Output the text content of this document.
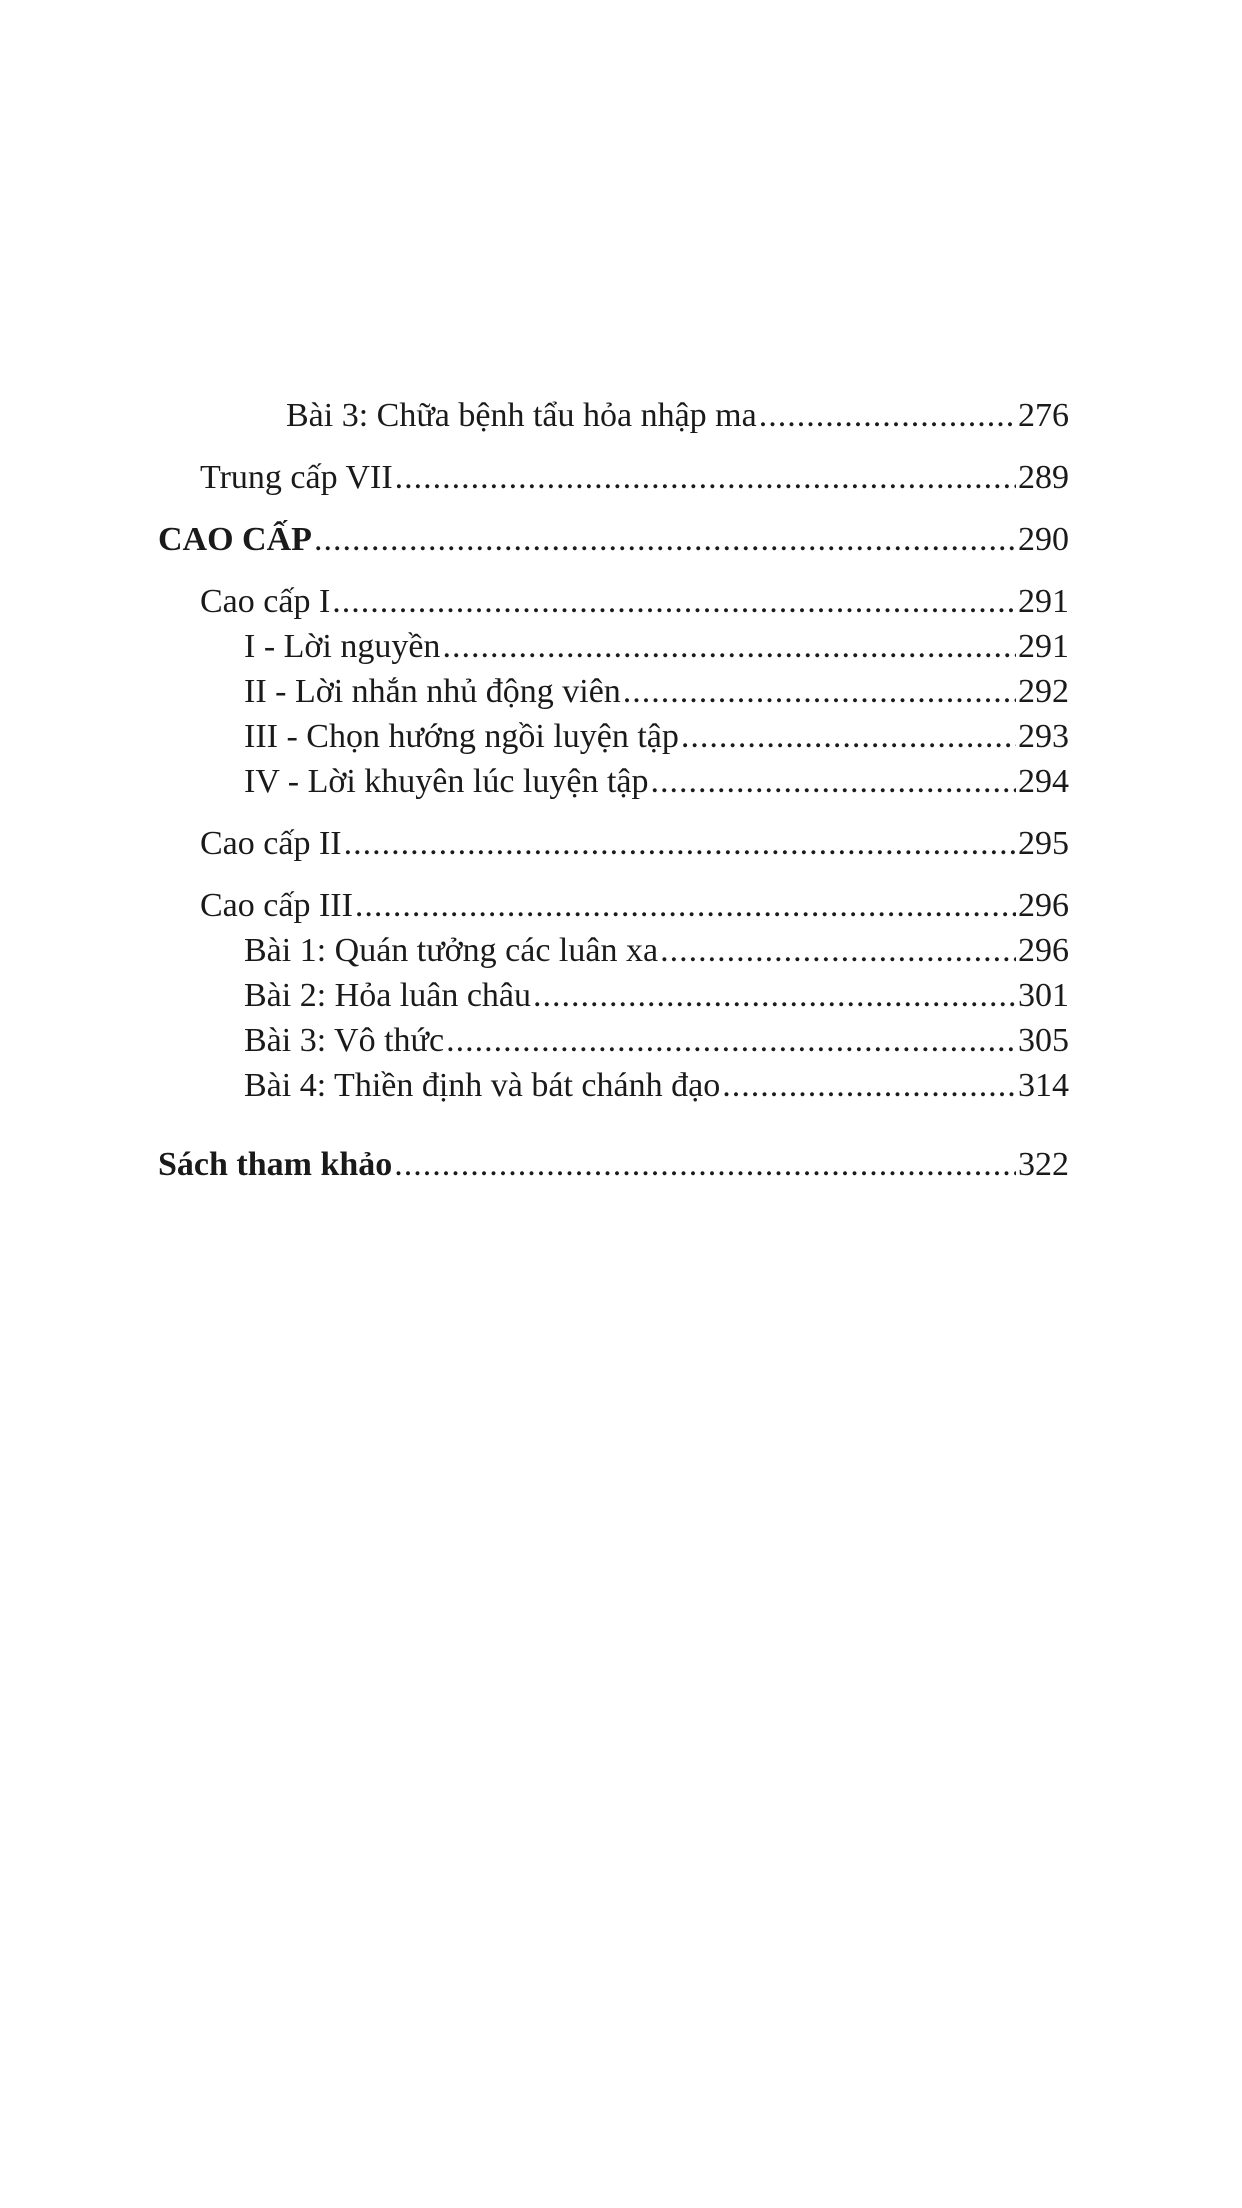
Bài 3: Chữa bệnh tẩu hỏa nhập ma .....	276
Trung cấp VII .....	289
CAO CẤP .....	290
Cao cấp I .....	291
I - Lời nguyền .....	291
II - Lời nhắn nhủ động viên .....	292
III - Chọn hướng ngồi luyện tập .....	293
IV - Lời khuyên lúc luyện tập .....	294
Cao cấp II .....	295
Cao cấp III .....	296
Bài 1: Quán tưởng các luân xa .....	296
Bài 2: Hỏa luân châu .....	301
Bài 3: Vô thức .....	305
Bài 4: Thiền định và bát chánh đạo .....	314
Sách tham khảo .....	322
